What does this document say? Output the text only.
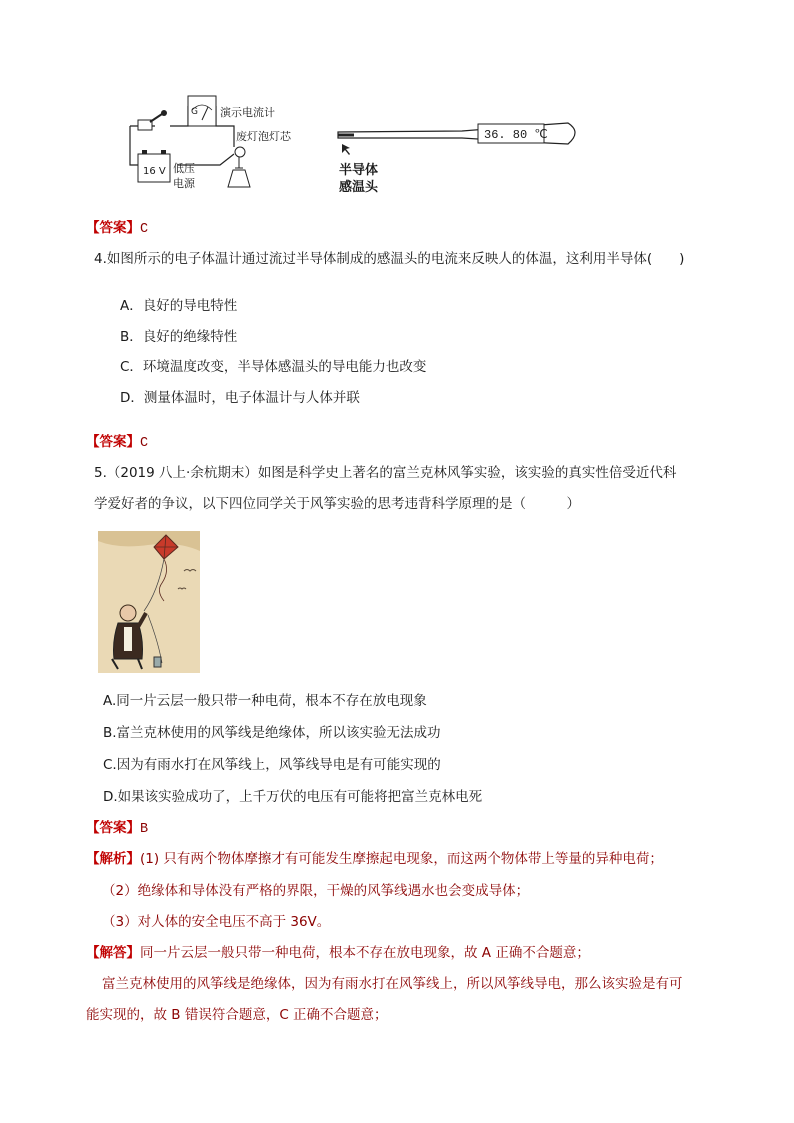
G 演示电流计
废灯泡灯芯
16 V 低压
电源
36. 80 ℃
半导体
感温头
【答案】C
4.如图所示的电子体温计通过流过半导体制成的感温头的电流来反映人的体温，这利用半导体(　　)
A．良好的导电特性
B．良好的绝缘特性
C．环境温度改变，半导体感温头的导电能力也改变
D．测量体温时，电子体温计与人体并联
【答案】C
5.（2019 八上·余杭期末）如图是科学史上著名的富兰克林风筝实验，该实验的真实性倍受近代科
学爱好者的争议，以下四位同学关于风筝实验的思考违背科学原理的是（　　　）
A.同一片云层一般只带一种电荷，根本不存在放电现象
B.富兰克林使用的风筝线是绝缘体，所以该实验无法成功
C.因为有雨水打在风筝线上，风筝线导电是有可能实现的
D.如果该实验成功了，上千万伏的电压有可能将把富兰克林电死
【答案】B
【解析】(1) 只有两个物体摩擦才有可能发生摩擦起电现象，而这两个物体带上等量的异种电荷；
（2）绝缘体和导体没有严格的界限，干燥的风筝线遇水也会变成导体；
（3）对人体的安全电压不高于 36V。
【解答】同一片云层一般只带一种电荷，根本不存在放电现象，故 A 正确不合题意；
富兰克林使用的风筝线是绝缘体，因为有雨水打在风筝线上，所以风筝线导电，那么该实验是有可
能实现的，故 B 错误符合题意，C 正确不合题意；
